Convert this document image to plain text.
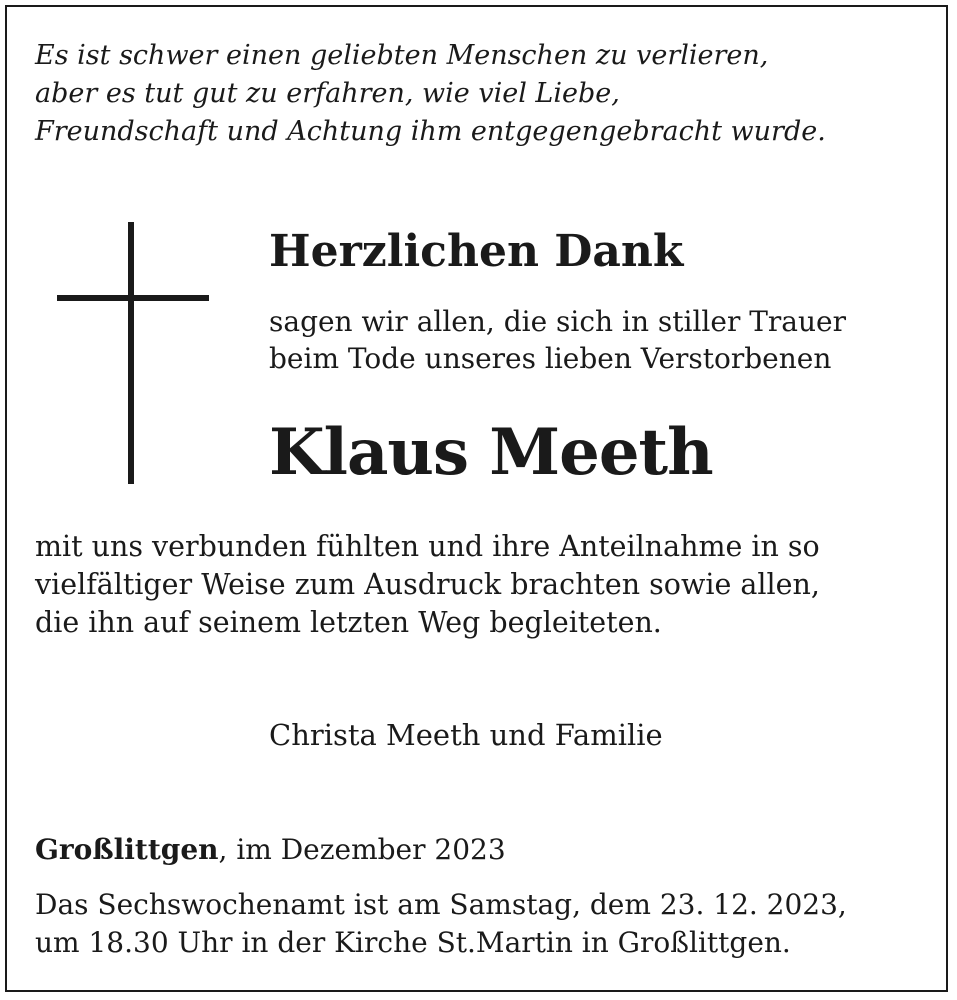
Es ist schwer einen geliebten Menschen zu verlieren,
aber es tut gut zu erfahren, wie viel Liebe,
Freundschaft und Achtung ihm entgegengebracht wurde.

Herzlichen Dank

sagen wir allen, die sich in stiller Trauer
beim Tode unseres lieben Verstorbenen

Klaus Meeth

mit uns verbunden fühlten und ihre Anteilnahme in so
vielfältiger Weise zum Ausdruck brachten sowie allen,
die ihn auf seinem letzten Weg begleiteten.

Christa Meeth und Familie

Großlittgen, im Dezember 2023

Das Sechswochenamt ist am Samstag, dem 23. 12. 2023,
um 18.30 Uhr in der Kirche St.Martin in Großlittgen.
